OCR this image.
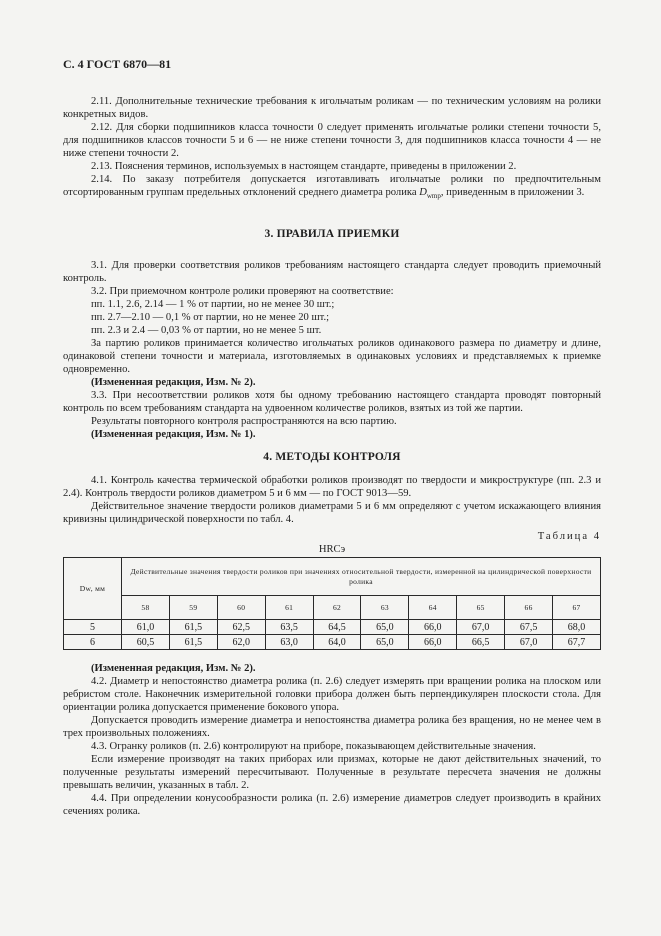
С. 4 ГОСТ 6870—81

2.11. Дополнительные технические требования к игольчатым роликам — по техническим условиям на ролики конкретных видов.

2.12. Для сборки подшипников класса точности 0 следует применять игольчатые ролики степени точности 5, для подшипников классов точности 5 и 6 — не ниже степени точности 3, для подшипников класса точности 4 — не ниже степени точности 2.

2.13. Пояснения терминов, используемых в настоящем стандарте, приведены в приложении 2.

2.14. По заказу потребителя допускается изготавливать игольчатые ролики по предпочтительным отсортированным группам предельных отклонений среднего диаметра ролика $D_{wmp}$, приведенным в приложении 3.

3. ПРАВИЛА ПРИЕМКИ

3.1. Для проверки соответствия роликов требованиям настоящего стандарта следует проводить приемочный контроль.

3.2. При приемочном контроле ролики проверяют на соответствие:

пп. 1.1, 2.6, 2.14 — 1 % от партии, но не менее 30 шт.;

пп. 2.7—2.10 — 0,1 % от партии, но не менее 20 шт.;

пп. 2.3 и 2.4 — 0,03 % от партии, но не менее 5 шт.

За партию роликов принимается количество игольчатых роликов одинакового размера по диаметру и длине, одинаковой степени точности и материала, изготовляемых в одинаковых условиях и представляемых к приемке одновременно.

(Измененная редакция, Изм. № 2).

3.3. При несоответствии роликов хотя бы одному требованию настоящего стандарта проводят повторный контроль по всем требованиям стандарта на удвоенном количестве роликов, взятых из той же партии.

Результаты повторного контроля распространяются на всю партию.

(Измененная редакция, Изм. № 1).

4. МЕТОДЫ КОНТРОЛЯ

4.1. Контроль качества термической обработки роликов производят по твердости и микроструктуре (пп. 2.3 и 2.4). Контроль твердости роликов диаметром 5 и 6 мм — по ГОСТ 9013—59.

Действительное значение твердости роликов диаметрами 5 и 6 мм определяют с учетом искажающего влияния кривизны цилиндрической поверхности по табл. 4.

Таблица 4
HRCэ
Dw, мм	Действительные значения твердости роликов при значениях относительной твердости, измеренной на цилиндрической поверхности ролика									
	58	59	60	61	62	63	64	65	66	67
5	61,0	61,5	62,5	63,5	64,5	65,0	66,0	67,0	67,5	68,0
6	60,5	61,5	62,0	63,0	64,0	65,0	66,0	66,5	67,0	67,7

(Измененная редакция, Изм. № 2).

4.2. Диаметр и непостоянство диаметра ролика (п. 2.6) следует измерять при вращении ролика на плоском или ребристом столе. Наконечник измерительной головки прибора должен быть перпендикулярен плоскости стола. Для ориентации ролика допускается применение бокового упора.

Допускается проводить измерение диаметра и непостоянства диаметра ролика без вращения, но не менее чем в трех произвольных положениях.

4.3. Огранку роликов (п. 2.6) контролируют на приборе, показывающем действительные значения.

Если измерение производят на таких приборах или призмах, которые не дают действительных значений, то полученные результаты измерений пересчитывают. Полученные в результате пересчета значения не должны превышать величин, указанных в табл. 2.

4.4. При определении конусообразности ролика (п. 2.6) измерение диаметров следует производить в крайних сечениях ролика.
